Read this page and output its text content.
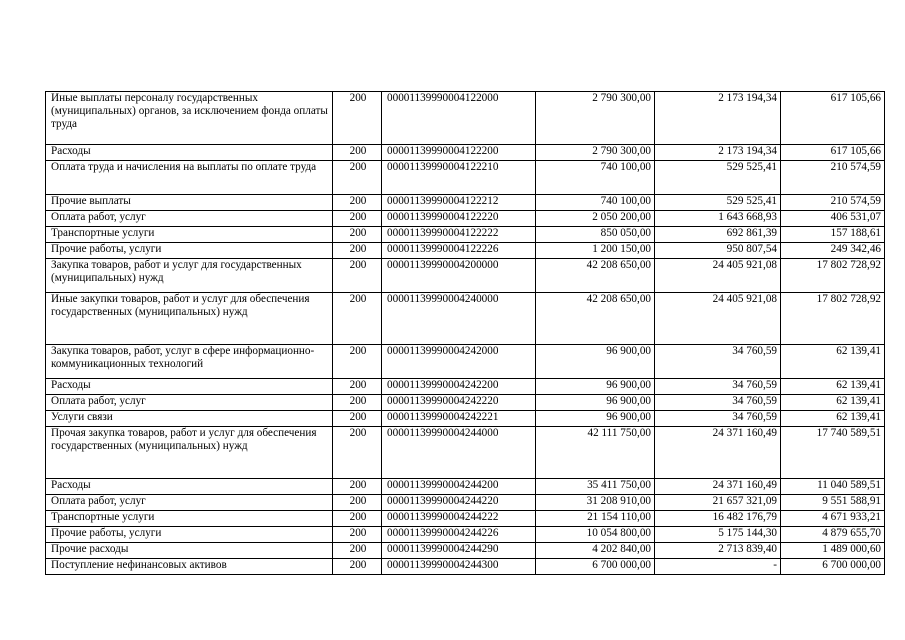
Иные выплаты персоналу государственных (муниципальных) органов, за исключением фонда оплаты труда	200	00001139990004122000	2 790 300,00	2 173 194,34	617 105,66
Расходы	200	00001139990004122200	2 790 300,00	2 173 194,34	617 105,66
Оплата труда и начисления на выплаты по оплате труда	200	00001139990004122210	740 100,00	529 525,41	210 574,59
Прочие выплаты	200	00001139990004122212	740 100,00	529 525,41	210 574,59
Оплата работ, услуг	200	00001139990004122220	2 050 200,00	1 643 668,93	406 531,07
Транспортные услуги	200	00001139990004122222	850 050,00	692 861,39	157 188,61
Прочие работы, услуги	200	00001139990004122226	1 200 150,00	950 807,54	249 342,46
Закупка товаров, работ и услуг для государственных (муниципальных) нужд	200	00001139990004200000	42 208 650,00	24 405 921,08	17 802 728,92
Иные закупки товаров, работ и услуг для обеспечения государственных (муниципальных) нужд	200	00001139990004240000	42 208 650,00	24 405 921,08	17 802 728,92
Закупка товаров, работ, услуг в сфере информационно-коммуникационных технологий	200	00001139990004242000	96 900,00	34 760,59	62 139,41
Расходы	200	00001139990004242200	96 900,00	34 760,59	62 139,41
Оплата работ, услуг	200	00001139990004242220	96 900,00	34 760,59	62 139,41
Услуги связи	200	00001139990004242221	96 900,00	34 760,59	62 139,41
Прочая закупка товаров, работ и услуг для обеспечения государственных (муниципальных) нужд	200	00001139990004244000	42 111 750,00	24 371 160,49	17 740 589,51
Расходы	200	00001139990004244200	35 411 750,00	24 371 160,49	11 040 589,51
Оплата работ, услуг	200	00001139990004244220	31 208 910,00	21 657 321,09	9 551 588,91
Транспортные услуги	200	00001139990004244222	21 154 110,00	16 482 176,79	4 671 933,21
Прочие работы, услуги	200	00001139990004244226	10 054 800,00	5 175 144,30	4 879 655,70
Прочие расходы	200	00001139990004244290	4 202 840,00	2 713 839,40	1 489 000,60
Поступление нефинансовых активов	200	00001139990004244300	6 700 000,00	-	6 700 000,00
